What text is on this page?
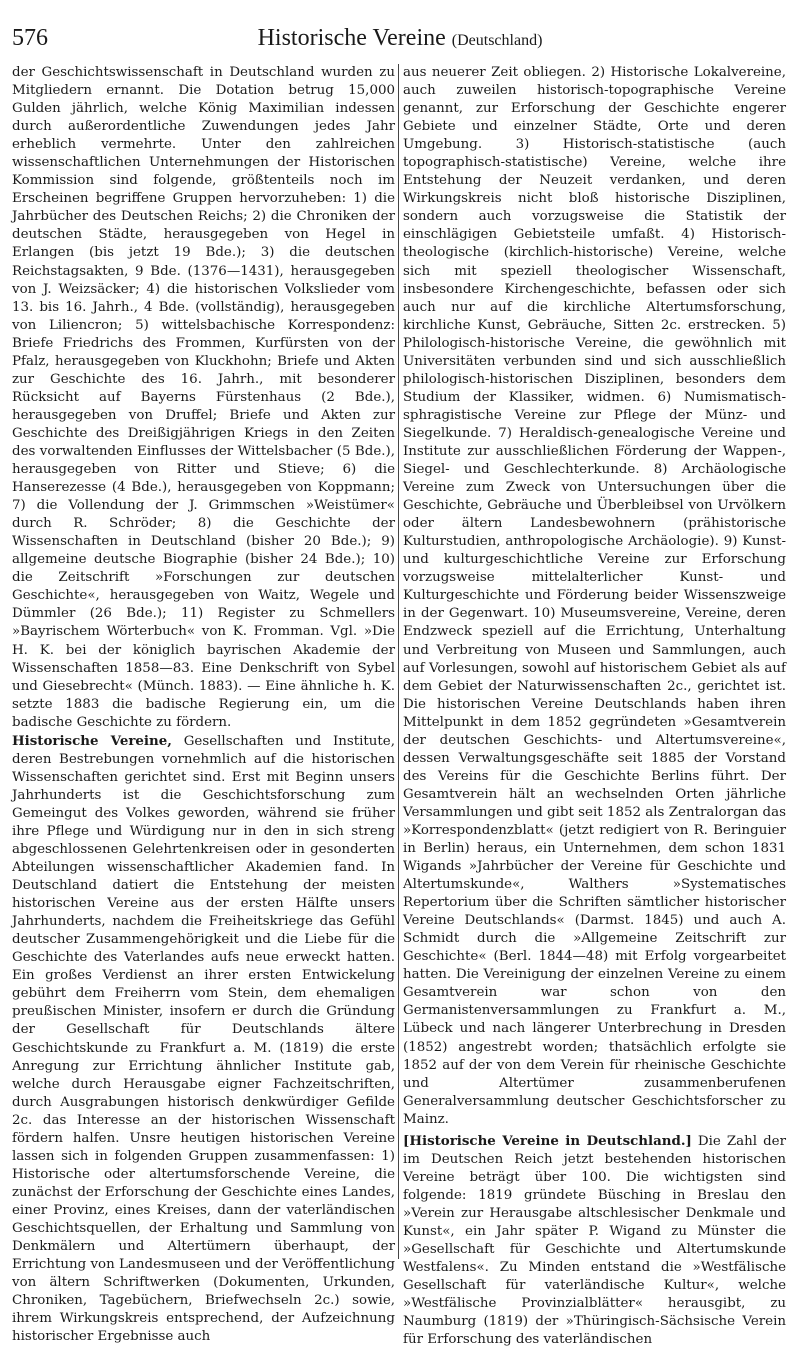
576	Historische Vereine (Deutschland)

der Geschichtswissenschaft in Deutschland wurden zu Mitgliedern ernannt. Die Dotation betrug 15,000 Gulden jährlich, welche König Maximilian indessen durch außerordentliche Zuwendungen jedes Jahr erheblich vermehrte. Unter den zahlreichen wissenschaftlichen Unternehmungen der Historischen Kommission sind folgende, größtenteils noch im Erscheinen begriffene Gruppen hervorzuheben: 1) die Jahrbücher des Deutschen Reichs; 2) die Chroniken der deutschen Städte, herausgegeben von Hegel in Erlangen (bis jetzt 19 Bde.); 3) die deutschen Reichstagsakten, 9 Bde. (1376—1431), herausgegeben von J. Weizsäcker; 4) die historischen Volkslieder vom 13. bis 16. Jahrh., 4 Bde. (vollständig), herausgegeben von Liliencron; 5) wittelsbachische Korrespondenz: Briefe Friedrichs des Frommen, Kurfürsten von der Pfalz, herausgegeben von Kluckhohn; Briefe und Akten zur Geschichte des 16. Jahrh., mit besonderer Rücksicht auf Bayerns Fürstenhaus (2 Bde.), herausgegeben von Druffel; Briefe und Akten zur Geschichte des Dreißigjährigen Kriegs in den Zeiten des vorwaltenden Einflusses der Wittelsbacher (5 Bde.), herausgegeben von Ritter und Stieve; 6) die Hanserezesse (4 Bde.), herausgegeben von Koppmann; 7) die Vollendung der J. Grimmschen »Weistümer« durch R. Schröder; 8) die Geschichte der Wissenschaften in Deutschland (bisher 20 Bde.); 9) allgemeine deutsche Biographie (bisher 24 Bde.); 10) die Zeitschrift »Forschungen zur deutschen Geschichte«, herausgegeben von Waitz, Wegele und Dümmler (26 Bde.); 11) Register zu Schmellers »Bayrischem Wörterbuch« von K. Fromman. Vgl. »Die H. K. bei der königlich bayrischen Akademie der Wissenschaften 1858—83. Eine Denkschrift von Sybel und Giesebrecht« (Münch. 1883). — Eine ähnliche h. K. setzte 1883 die badische Regierung ein, um die badische Geschichte zu fördern.

Historische Vereine, Gesellschaften und Institute, deren Bestrebungen vornehmlich auf die historischen Wissenschaften gerichtet sind. Erst mit Beginn unsers Jahrhunderts ist die Geschichtsforschung zum Gemeingut des Volkes geworden, während sie früher ihre Pflege und Würdigung nur in den in sich streng abgeschlossenen Gelehrtenkreisen oder in gesonderten Abteilungen wissenschaftlicher Akademien fand. In Deutschland datiert die Entstehung der meisten historischen Vereine aus der ersten Hälfte unsers Jahrhunderts, nachdem die Freiheitskriege das Gefühl deutscher Zusammengehörigkeit und die Liebe für die Geschichte des Vaterlandes aufs neue erweckt hatten. Ein großes Verdienst an ihrer ersten Entwickelung gebührt dem Freiherrn vom Stein, dem ehemaligen preußischen Minister, insofern er durch die Gründung der Gesellschaft für Deutschlands ältere Geschichtskunde zu Frankfurt a. M. (1819) die erste Anregung zur Errichtung ähnlicher Institute gab, welche durch Herausgabe eigner Fachzeitschriften, durch Ausgrabungen historisch denkwürdiger Gefilde 2c. das Interesse an der historischen Wissenschaft fördern halfen. Unsre heutigen historischen Vereine lassen sich in folgenden Gruppen zusammenfassen: 1) Historische oder altertumsforschende Vereine, die zunächst der Erforschung der Geschichte eines Landes, einer Provinz, eines Kreises, dann der vaterländischen Geschichtsquellen, der Erhaltung und Sammlung von Denkmälern und Altertümern überhaupt, der Errichtung von Landesmuseen und der Veröffentlichung von ältern Schriftwerken (Dokumenten, Urkunden, Chroniken, Tagebüchern, Briefwechseln 2c.) sowie, ihrem Wirkungskreis entsprechend, der Aufzeichnung historischer Ergebnisse auch

aus neuerer Zeit obliegen. 2) Historische Lokalvereine, auch zuweilen historisch-topographische Vereine genannt, zur Erforschung der Geschichte engerer Gebiete und einzelner Städte, Orte und deren Umgebung. 3) Historisch-statistische (auch topographisch-statistische) Vereine, welche ihre Entstehung der Neuzeit verdanken, und deren Wirkungskreis nicht bloß historische Disziplinen, sondern auch vorzugsweise die Statistik der einschlägigen Gebietsteile umfaßt. 4) Historisch-theologische (kirchlich-historische) Vereine, welche sich mit speziell theologischer Wissenschaft, insbesondere Kirchengeschichte, befassen oder sich auch nur auf die kirchliche Altertumsforschung, kirchliche Kunst, Gebräuche, Sitten 2c. erstrecken. 5) Philologisch-historische Vereine, die gewöhnlich mit Universitäten verbunden sind und sich ausschließlich philologisch-historischen Disziplinen, besonders dem Studium der Klassiker, widmen. 6) Numismatisch-sphragistische Vereine zur Pflege der Münz- und Siegelkunde. 7) Heraldisch-genealogische Vereine und Institute zur ausschließlichen Förderung der Wappen-, Siegel- und Geschlechterkunde. 8) Archäologische Vereine zum Zweck von Untersuchungen über die Geschichte, Gebräuche und Überbleibsel von Urvölkern oder ältern Landesbewohnern (prähistorische Kulturstudien, anthropologische Archäologie). 9) Kunst- und kulturgeschichtliche Vereine zur Erforschung vorzugsweise mittelalterlicher Kunst- und Kulturgeschichte und Förderung beider Wissenszweige in der Gegenwart. 10) Museumsvereine, Vereine, deren Endzweck speziell auf die Errichtung, Unterhaltung und Verbreitung von Museen und Sammlungen, auch auf Vorlesungen, sowohl auf historischem Gebiet als auf dem Gebiet der Naturwissenschaften 2c., gerichtet ist. Die historischen Vereine Deutschlands haben ihren Mittelpunkt in dem 1852 gegründeten »Gesamtverein der deutschen Geschichts- und Altertumsvereine«, dessen Verwaltungsgeschäfte seit 1885 der Vorstand des Vereins für die Geschichte Berlins führt. Der Gesamtverein hält an wechselnden Orten jährliche Versammlungen und gibt seit 1852 als Zentralorgan das »Korrespondenzblatt« (jetzt redigiert von R. Beringuier in Berlin) heraus, ein Unternehmen, dem schon 1831 Wigands »Jahrbücher der Vereine für Geschichte und Altertumskunde«, Walthers »Systematisches Repertorium über die Schriften sämtlicher historischer Vereine Deutschlands« (Darmst. 1845) und auch A. Schmidt durch die »Allgemeine Zeitschrift zur Geschichte« (Berl. 1844—48) mit Erfolg vorgearbeitet hatten. Die Vereinigung der einzelnen Vereine zu einem Gesamtverein war schon von den Germanistenversammlungen zu Frankfurt a. M., Lübeck und nach längerer Unterbrechung in Dresden (1852) angestrebt worden; thatsächlich erfolgte sie 1852 auf der von dem Verein für rheinische Geschichte und Altertümer zusammenberufenen Generalversammlung deutscher Geschichtsforscher zu Mainz.

[Historische Vereine in Deutschland.] Die Zahl der im Deutschen Reich jetzt bestehenden historischen Vereine beträgt über 100. Die wichtigsten sind folgende: 1819 gründete Büsching in Breslau den »Verein zur Herausgabe altschlesischer Denkmale und Kunst«, ein Jahr später P. Wigand zu Münster die »Gesellschaft für Geschichte und Altertumskunde Westfalens«. Zu Minden entstand die »Westfälische Gesellschaft für vaterländische Kultur«, welche »Westfälische Provinzialblätter« herausgibt, zu Naumburg (1819) der »Thüringisch-Sächsische Verein für Erforschung des vaterländischen
